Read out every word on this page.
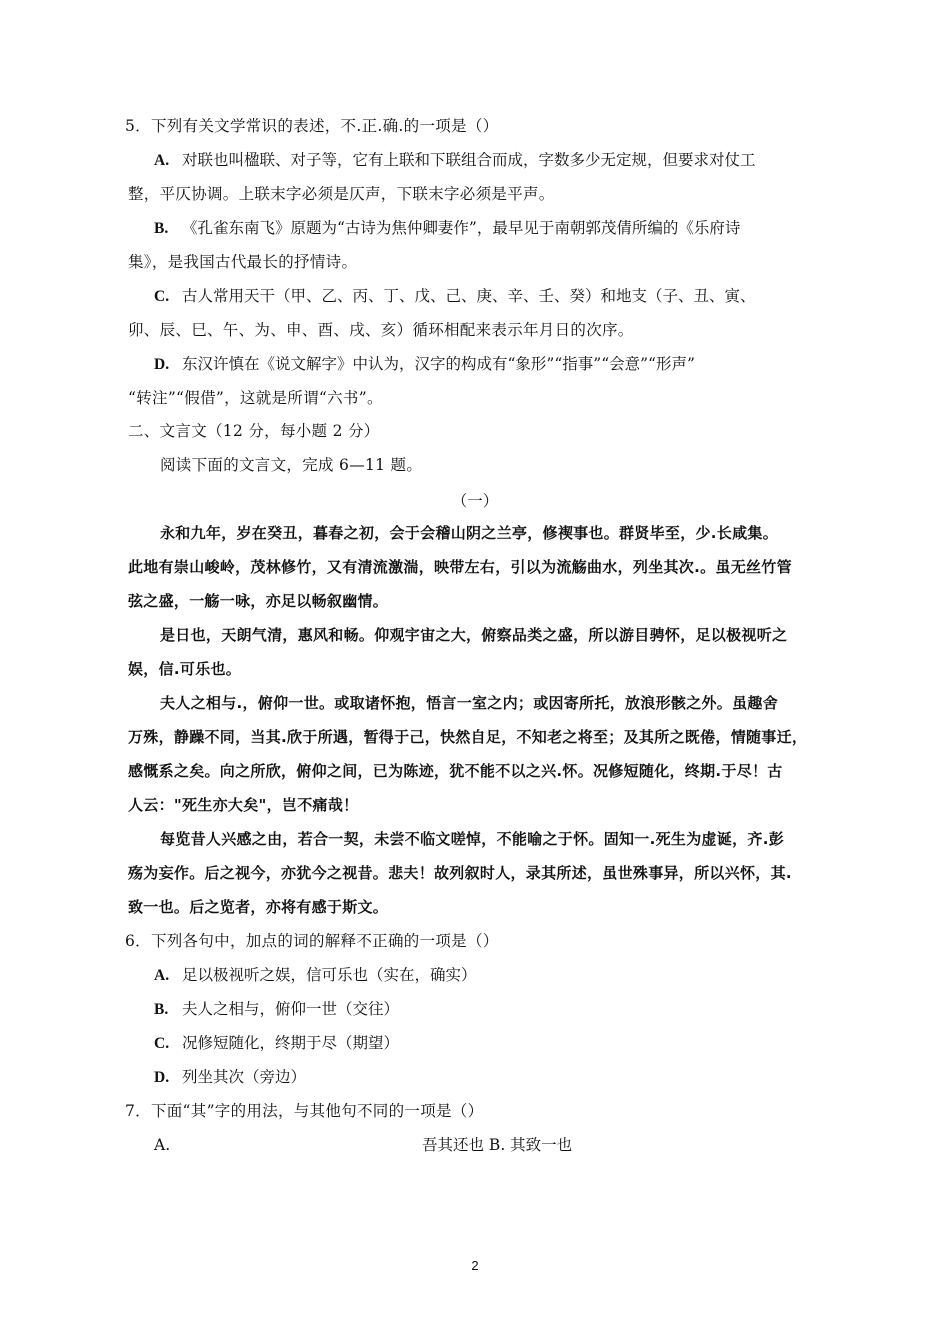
5．下列有关文学常识的表述，不.正.确.的一项是（）
A. 对联也叫楹联、对子等，它有上联和下联组合而成，字数多少无定规，但要求对仗工
整，平仄协调。上联末字必须是仄声，下联末字必须是平声。
B. 《孔雀东南飞》原题为“古诗为焦仲卿妻作”，最早见于南朝郭茂倩所编的《乐府诗
集》，是我国古代最长的抒情诗。
C. 古人常用天干（甲、乙、丙、丁、戊、己、庚、辛、壬、癸）和地支（子、丑、寅、
卯、辰、巳、午、为、申、酉、戌、亥）循环相配来表示年月日的次序。
D. 东汉许慎在《说文解字》中认为，汉字的构成有“象形”“指事”“会意”“形声”
“转注”“假借”，这就是所谓“六书”。
二、文言文（12 分，每小题 2 分）
阅读下面的文言文，完成 6—11 题。
（一）
永和九年，岁在癸丑，暮春之初，会于会稽山阴之兰亭，修禊事也。群贤毕至，少.长咸集。
此地有崇山峻岭，茂林修竹，又有清流激湍，映带左右，引以为流觞曲水，列坐其次.。虽无丝竹管
弦之盛，一觞一咏，亦足以畅叙幽情。
是日也，天朗气清，惠风和畅。仰观宇宙之大，俯察品类之盛，所以游目骋怀，足以极视听之
娱，信.可乐也。
夫人之相与.，俯仰一世。或取诸怀抱，悟言一室之内；或因寄所托，放浪形骸之外。虽趣舍
万殊，静躁不同，当其.欣于所遇，暂得于己，快然自足，不知老之将至；及其所之既倦，情随事迁，
感慨系之矣。向之所欣，俯仰之间，已为陈迹，犹不能不以之兴.怀。况修短随化，终期.于尽！古
人云："死生亦大矣"，岂不痛哉！
每览昔人兴感之由，若合一契，未尝不临文嗟悼，不能喻之于怀。固知一.死生为虚诞，齐.彭
殇为妄作。后之视今，亦犹今之视昔。悲夫！故列叙时人，录其所述，虽世殊事异，所以兴怀，其.
致一也。后之览者，亦将有感于斯文。
6．下列各句中，加点的词的解释不正确的一项是（）
A. 足以极视听之娱，信可乐也（实在，确实）
B. 夫人之相与，俯仰一世（交往）
C. 况修短随化，终期于尽（期望）
D. 列坐其次（旁边）
7．下面“其”字的用法，与其他句不同的一项是（）
A.	吾其还也 B. 其致一也
2
